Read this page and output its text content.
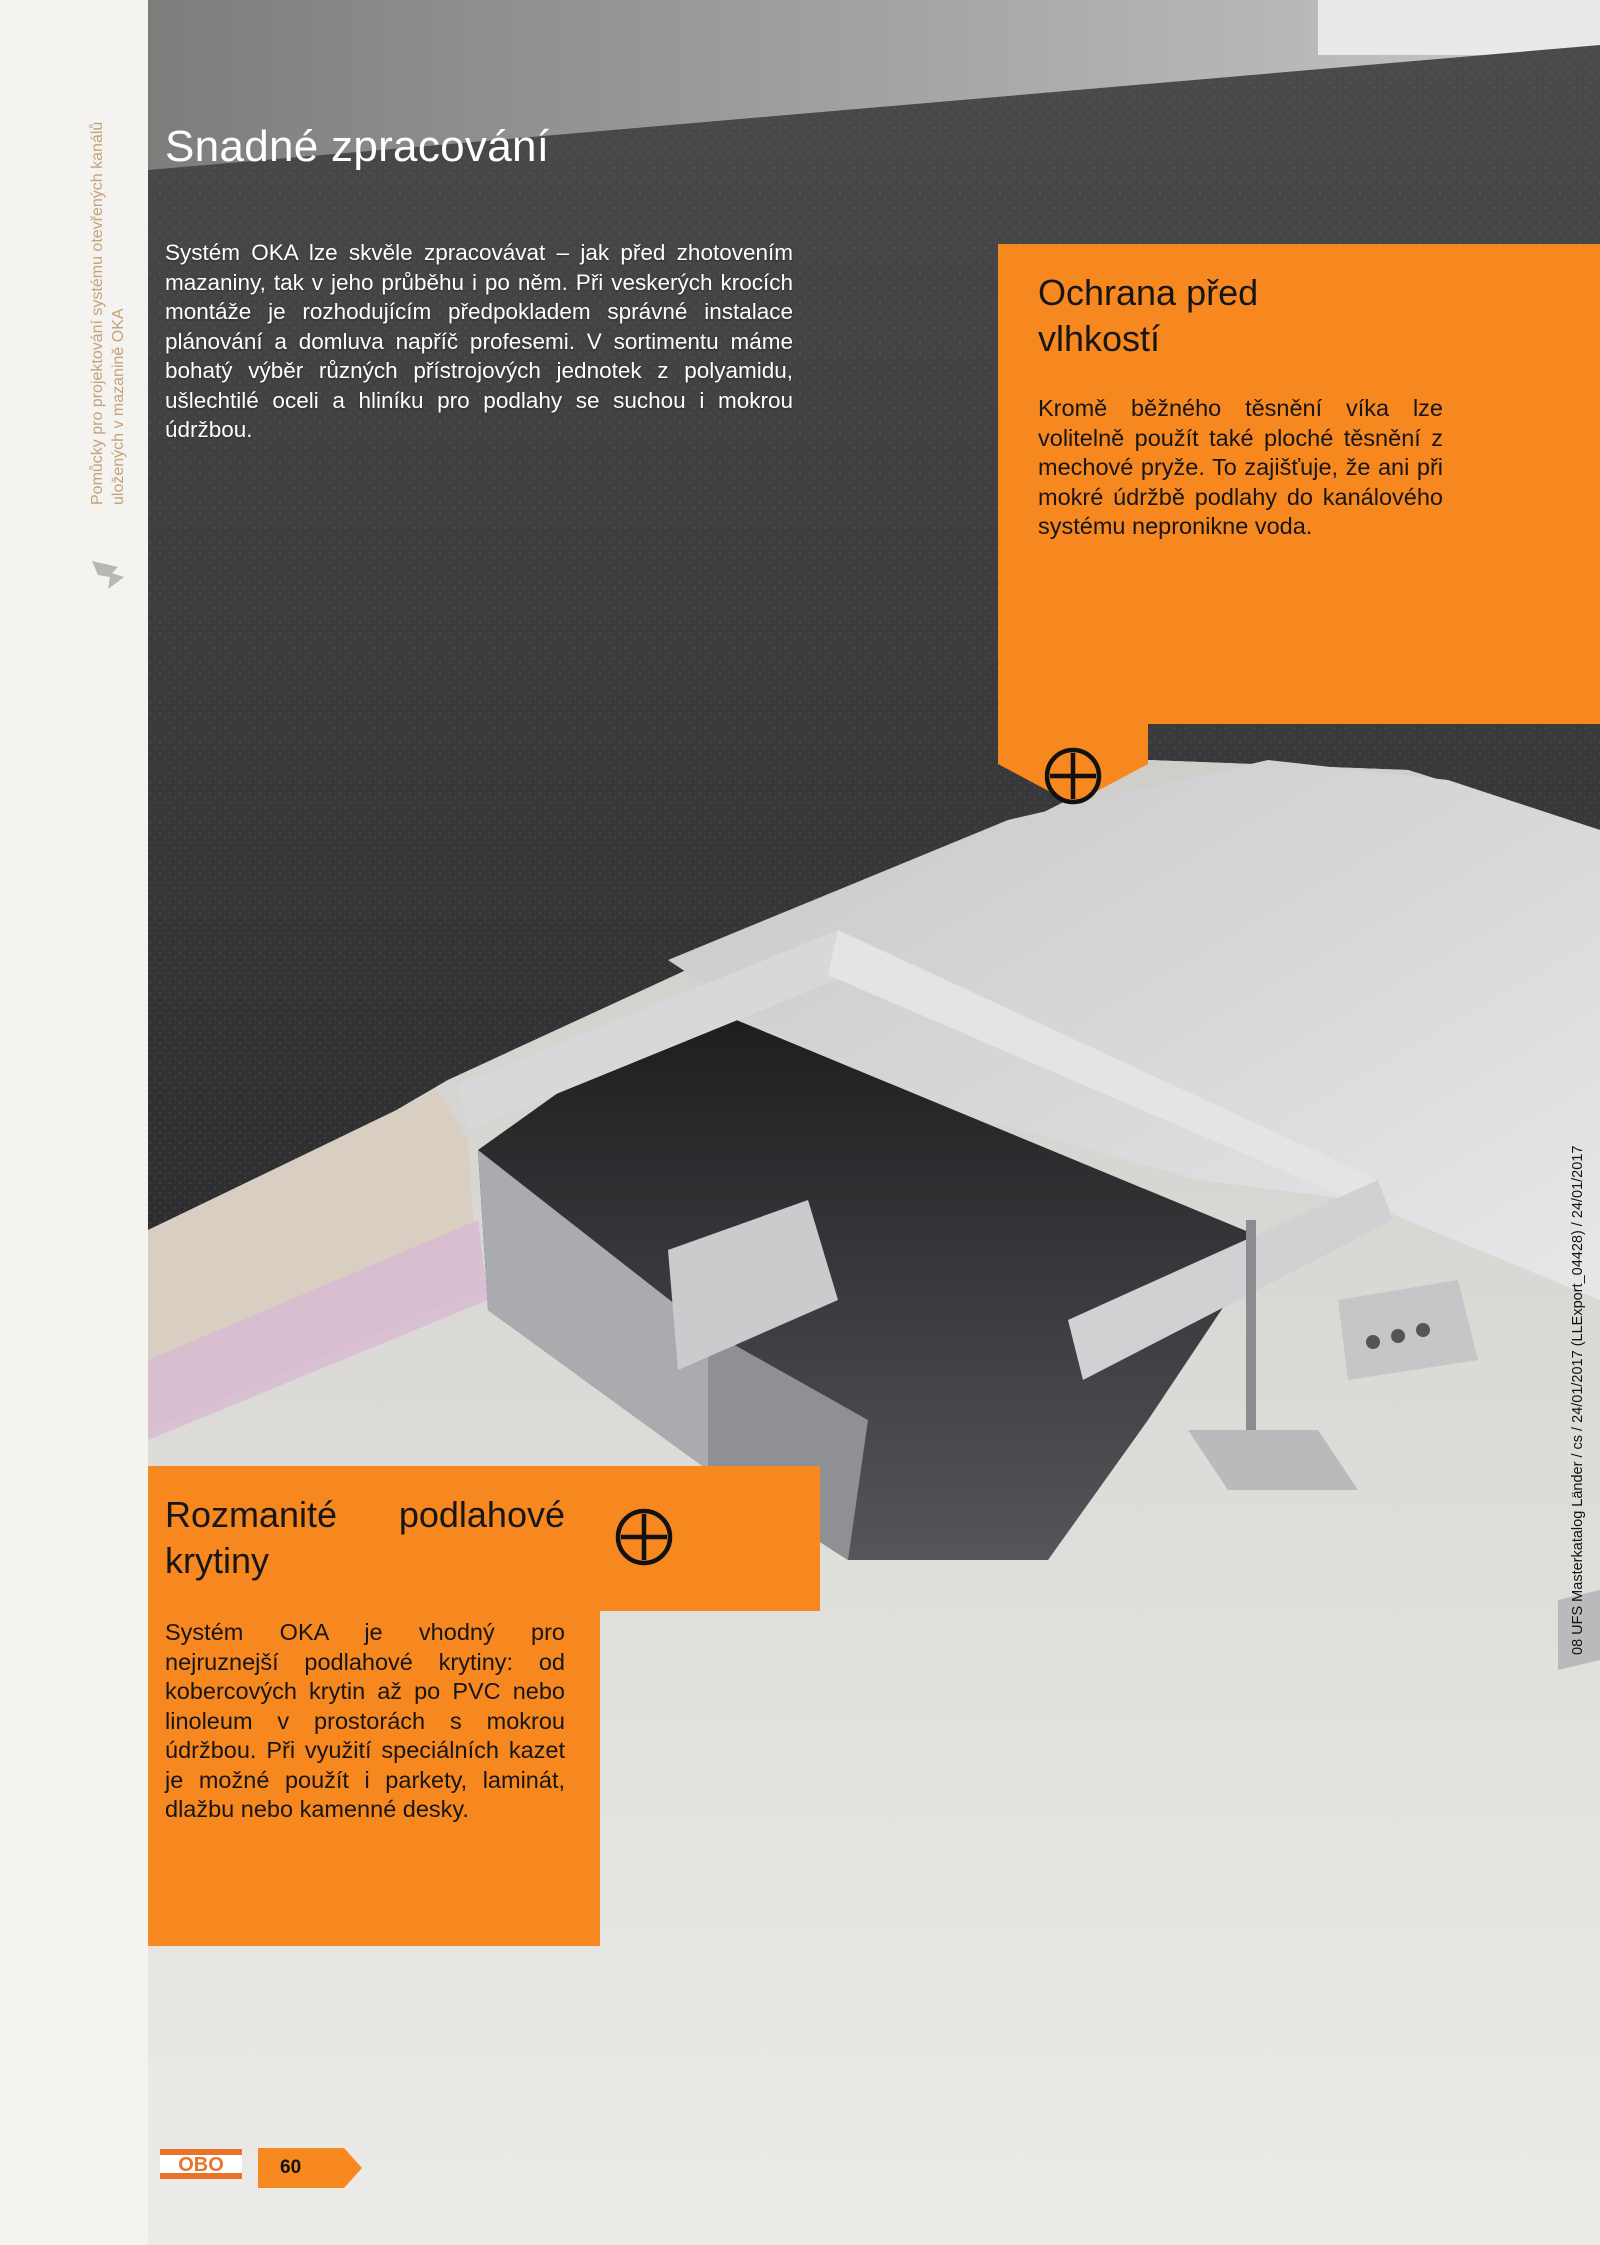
Pomůcky pro projektování systému otevřených kanálů uložených v mazanině OKA
Snadné zpracování

Systém OKA lze skvěle zpracovávat – jak před zhotovením mazaniny, tak v jeho průběhu i po něm. Při veskerých krocích montáže je rozhodujícím předpokladem správné instalace plánování a domluva napříč profesemi. V sortimentu máme bohatý výběr různých přístrojových jednotek z polyamidu, ušlechtilé oceli a hliníku pro podlahy se suchou i mokrou údržbou.

Ochrana před vlhkostí

Kromě běžného těsnění víka lze volitelně použít také ploché těsnění z mechové pryže. To zajišťuje, že ani při mokré údržbě podlahy do kanálového systému nepronikne voda.

Rozmanité podlahové krytiny

Systém OKA je vhodný pro nejruznejší podlahové krytiny: od kobercových krytin až po PVC nebo linoleum v prostorách s mokrou údržbou. Při využití speciálních kazet je možné použít i parkety, laminát, dlažbu nebo kamenné desky.

OBO	60
08 UFS Masterkatalog Länder / cs / 24/01/2017 (LLExport_04428) / 24/01/2017
